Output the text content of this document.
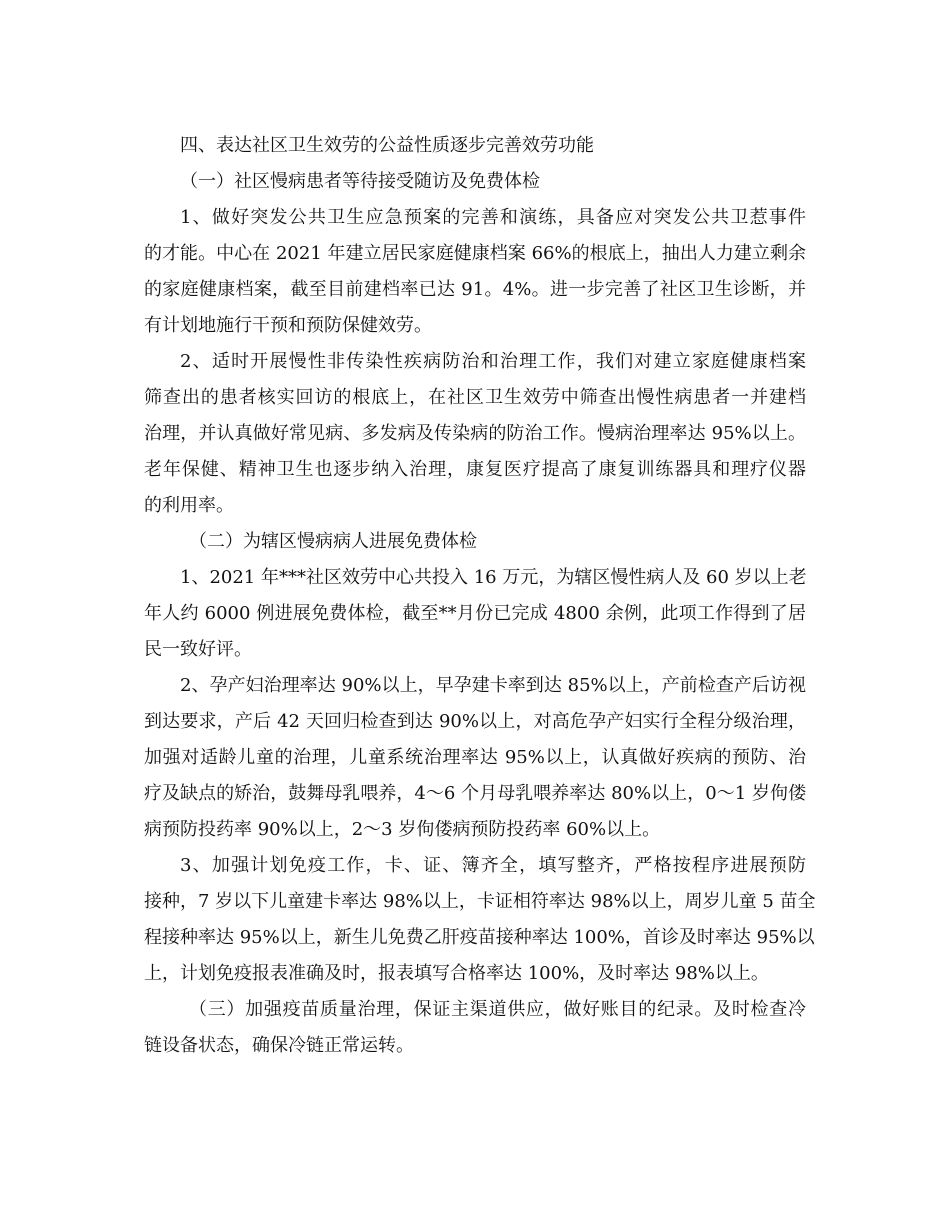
四、表达社区卫生效劳的公益性质逐步完善效劳功能
（一）社区慢病患者等待接受随访及免费体检
1、做好突发公共卫生应急预案的完善和演练，具备应对突发公共卫惹事件
的才能。中心在 2021 年建立居民家庭健康档案 66%的根底上，抽出人力建立剩余
的家庭健康档案，截至目前建档率已达 91。4%。进一步完善了社区卫生诊断，并
有计划地施行干预和预防保健效劳。
2、适时开展慢性非传染性疾病防治和治理工作，我们对建立家庭健康档案
筛查出的患者核实回访的根底上，在社区卫生效劳中筛查出慢性病患者一并建档
治理，并认真做好常见病、多发病及传染病的防治工作。慢病治理率达 95%以上。
老年保健、精神卫生也逐步纳入治理，康复医疗提高了康复训练器具和理疗仪器
的利用率。
（二）为辖区慢病病人进展免费体检
1、2021 年***社区效劳中心共投入 16 万元，为辖区慢性病人及 60 岁以上老
年人约 6000 例进展免费体检，截至**月份已完成 4800 余例，此项工作得到了居
民一致好评。
2、孕产妇治理率达 90%以上，早孕建卡率到达 85%以上，产前检查产后访视
到达要求，产后 42 天回归检查到达 90%以上，对高危孕产妇实行全程分级治理，
加强对适龄儿童的治理，儿童系统治理率达 95%以上，认真做好疾病的预防、治
疗及缺点的矫治，鼓舞母乳喂养，4～6 个月母乳喂养率达 80%以上，0～1 岁佝偻
病预防投药率 90%以上，2～3 岁佝偻病预防投药率 60%以上。
3、加强计划免疫工作，卡、证、簿齐全，填写整齐，严格按程序进展预防
接种，7 岁以下儿童建卡率达 98%以上，卡证相符率达 98%以上，周岁儿童 5 苗全
程接种率达 95%以上，新生儿免费乙肝疫苗接种率达 100%，首诊及时率达 95%以
上，计划免疫报表准确及时，报表填写合格率达 100%，及时率达 98%以上。
（三）加强疫苗质量治理，保证主渠道供应，做好账目的纪录。及时检查冷
链设备状态，确保冷链正常运转。
